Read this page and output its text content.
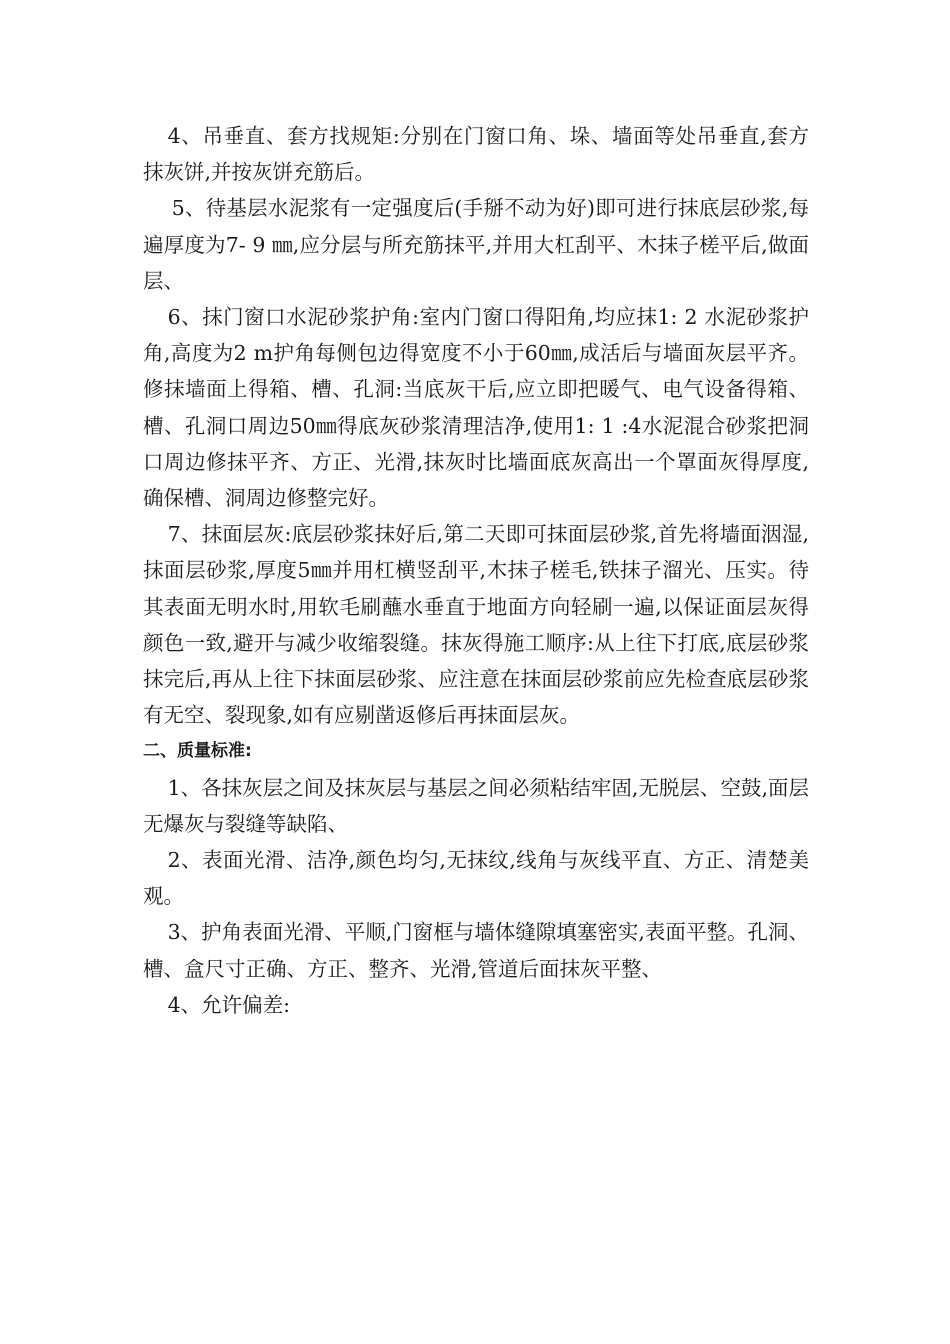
4、吊垂直、套方找规矩:分别在门窗口角、垛、墙面等处吊垂直,套方抹灰饼,并按灰饼充筋后。

5、待基层水泥浆有一定强度后(手掰不动为好)即可进行抹底层砂浆,每遍厚度为7- 9 ㎜,应分层与所充筋抹平,并用大杠刮平、木抹子槎平后,做面层、

6、抹门窗口水泥砂浆护角:室内门窗口得阳角,均应抹1: 2 水泥砂浆护角,高度为2 m护角每侧包边得宽度不小于60㎜,成活后与墙面灰层平齐。修抹墙面上得箱、槽、孔洞:当底灰干后,应立即把暖气、电气设备得箱、槽、孔洞口周边50㎜得底灰砂浆清理洁净,使用1: 1 :4水泥混合砂浆把洞口周边修抹平齐、方正、光滑,抹灰时比墙面底灰高出一个罩面灰得厚度,确保槽、洞周边修整完好。

7、抹面层灰:底层砂浆抹好后,第二天即可抹面层砂浆,首先将墙面洇湿,抹面层砂浆,厚度5㎜并用杠横竖刮平,木抹子槎毛,铁抹子溜光、压实。待其表面无明水时,用软毛刷蘸水垂直于地面方向轻刷一遍,以保证面层灰得颜色一致,避开与减少收缩裂缝。抹灰得施工顺序:从上往下打底,底层砂浆抹完后,再从上往下抹面层砂浆、应注意在抹面层砂浆前应先检查底层砂浆有无空、裂现象,如有应剔凿返修后再抹面层灰。

二、质量标准:

1、各抹灰层之间及抹灰层与基层之间必须粘结牢固,无脱层、空鼓,面层无爆灰与裂缝等缺陷、

2、表面光滑、洁净,颜色均匀,无抹纹,线角与灰线平直、方正、清楚美观。

3、护角表面光滑、平顺,门窗框与墙体缝隙填塞密实,表面平整。孔洞、槽、盒尺寸正确、方正、整齐、光滑,管道后面抹灰平整、

4、允许偏差:
